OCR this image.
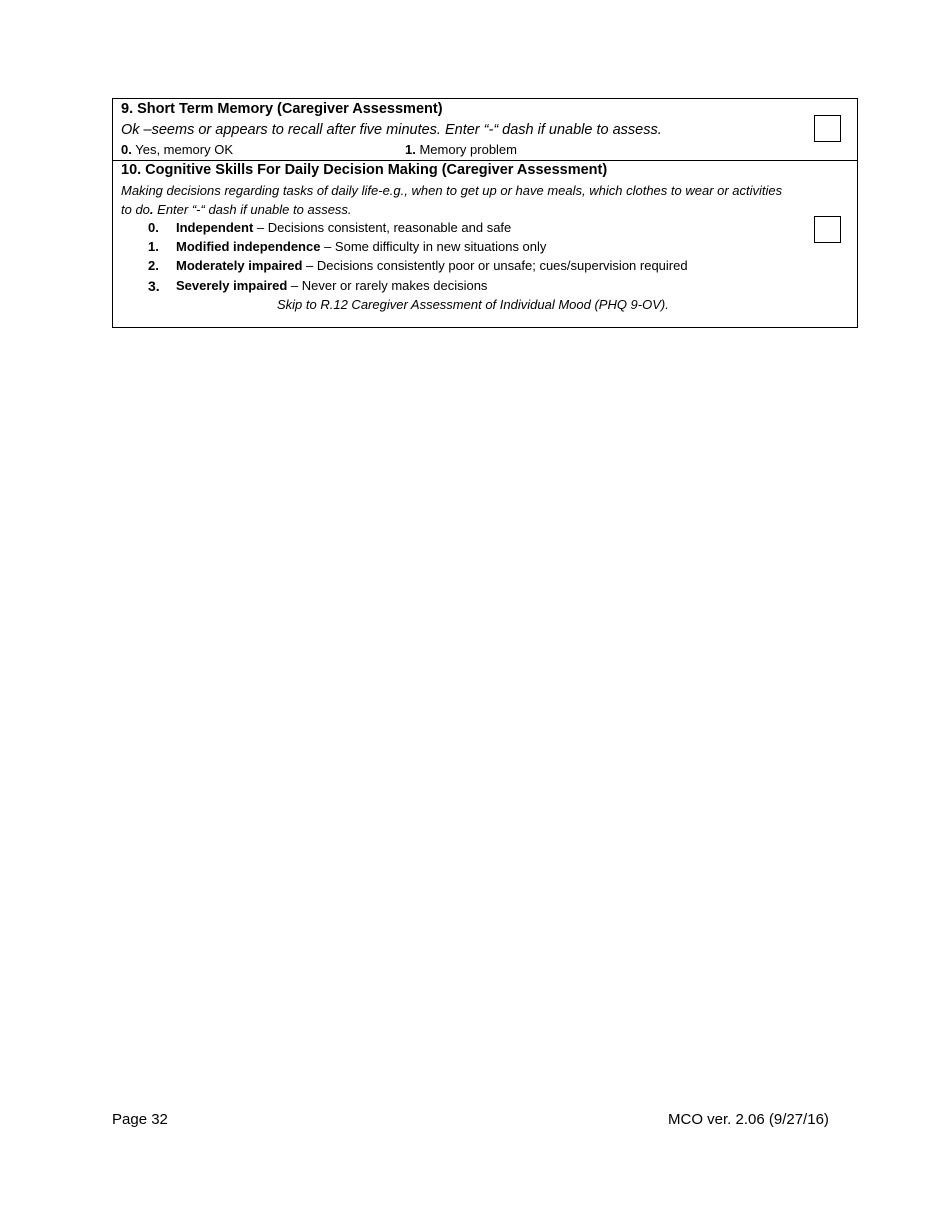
9. Short Term Memory (Caregiver Assessment)
Ok –seems or appears to recall after five minutes. Enter “-“ dash if unable to assess.
0. Yes, memory OK	1. Memory problem
10. Cognitive Skills For Daily Decision Making (Caregiver Assessment)
Making decisions regarding tasks of daily life-e.g., when to get up or have meals, which clothes to wear or activities
to do. Enter “-“ dash if unable to assess.
0. Independent – Decisions consistent, reasonable and safe
1. Modified independence – Some difficulty in new situations only
2. Moderately impaired – Decisions consistently poor or unsafe; cues/supervision required
3. Severely impaired – Never or rarely makes decisions
Skip to R.12 Caregiver Assessment of Individual Mood (PHQ 9-OV).
Page 32	MCO ver. 2.06 (9/27/16)
